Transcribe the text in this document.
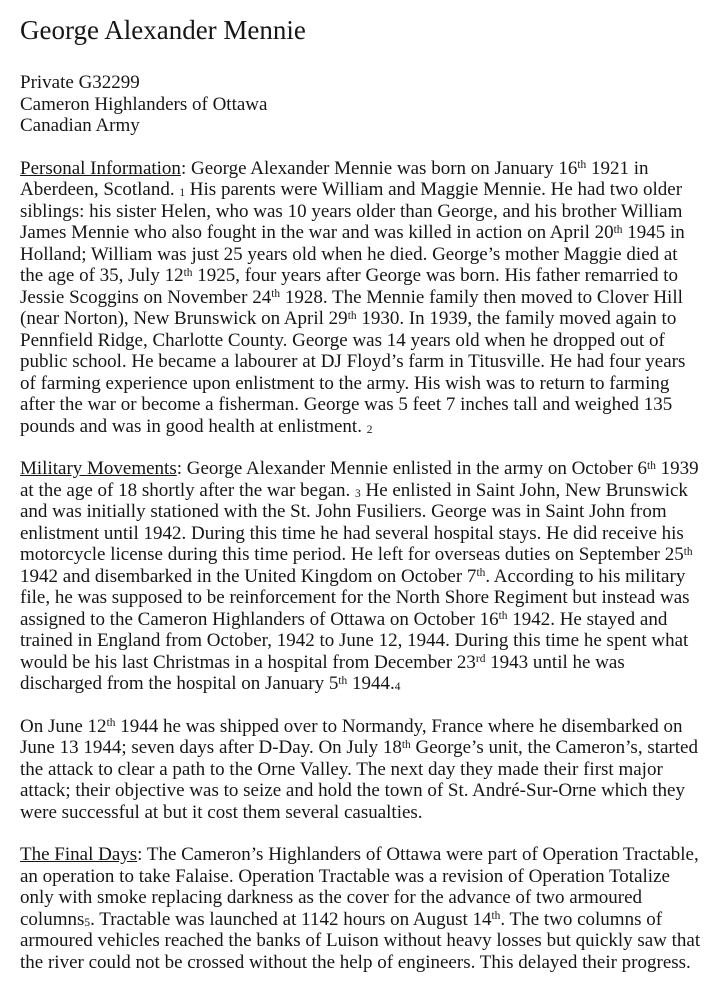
George Alexander Mennie
Private G32299
Cameron Highlanders of Ottawa
Canadian Army
Personal Information: George Alexander Mennie was born on January 16th 1921 in
Aberdeen, Scotland. $_1$ His parents were William and Maggie Mennie. He had two older
siblings: his sister Helen, who was 10 years older than George, and his brother William
James Mennie who also fought in the war and was killed in action on April 20th 1945 in
Holland; William was just 25 years old when he died. George’s mother Maggie died at
the age of 35, July 12th 1925, four years after George was born. His father remarried to
Jessie Scoggins on November 24th 1928. The Mennie family then moved to Clover Hill
(near Norton), New Brunswick on April 29th 1930. In 1939, the family moved again to
Pennfield Ridge, Charlotte County. George was 14 years old when he dropped out of
public school. He became a labourer at DJ Floyd’s farm in Titusville. He had four years
of farming experience upon enlistment to the army. His wish was to return to farming
after the war or become a fisherman. George was 5 feet 7 inches tall and weighed 135
pounds and was in good health at enlistment. $_2$
Military Movements: George Alexander Mennie enlisted in the army on October 6th 1939
at the age of 18 shortly after the war began. $_3$ He enlisted in Saint John, New Brunswick
and was initially stationed with the St. John Fusiliers. George was in Saint John from
enlistment until 1942. During this time he had several hospital stays. He did receive his
motorcycle license during this time period. He left for overseas duties on September 25th
1942 and disembarked in the United Kingdom on October 7th. According to his military
file, he was supposed to be reinforcement for the North Shore Regiment but instead was
assigned to the Cameron Highlanders of Ottawa on October 16th 1942. He stayed and
trained in England from October, 1942 to June 12, 1944. During this time he spent what
would be his last Christmas in a hospital from December 23rd 1943 until he was
discharged from the hospital on January 5th $1944._4$
On June 12th 1944 he was shipped over to Normandy, France where he disembarked on
June 13 1944; seven days after D-Day. On July 18th George’s unit, the Cameron’s, started
the attack to clear a path to the Orne Valley. The next day they made their first major
attack; their objective was to seize and hold the town of St. André-Sur-Orne which they
were successful at but it cost them several casualties.
The Final Days: The Cameron’s Highlanders of Ottawa were part of Operation Tractable,
an operation to take Falaise. Operation Tractable was a revision of Operation Totalize
only with smoke replacing darkness as the cover for the advance of two armoured
columns$_5$. Tractable was launched at 1142 hours on August 14th. The two columns of
armoured vehicles reached the banks of Luison without heavy losses but quickly saw that
the river could not be crossed without the help of engineers. This delayed their progress.
